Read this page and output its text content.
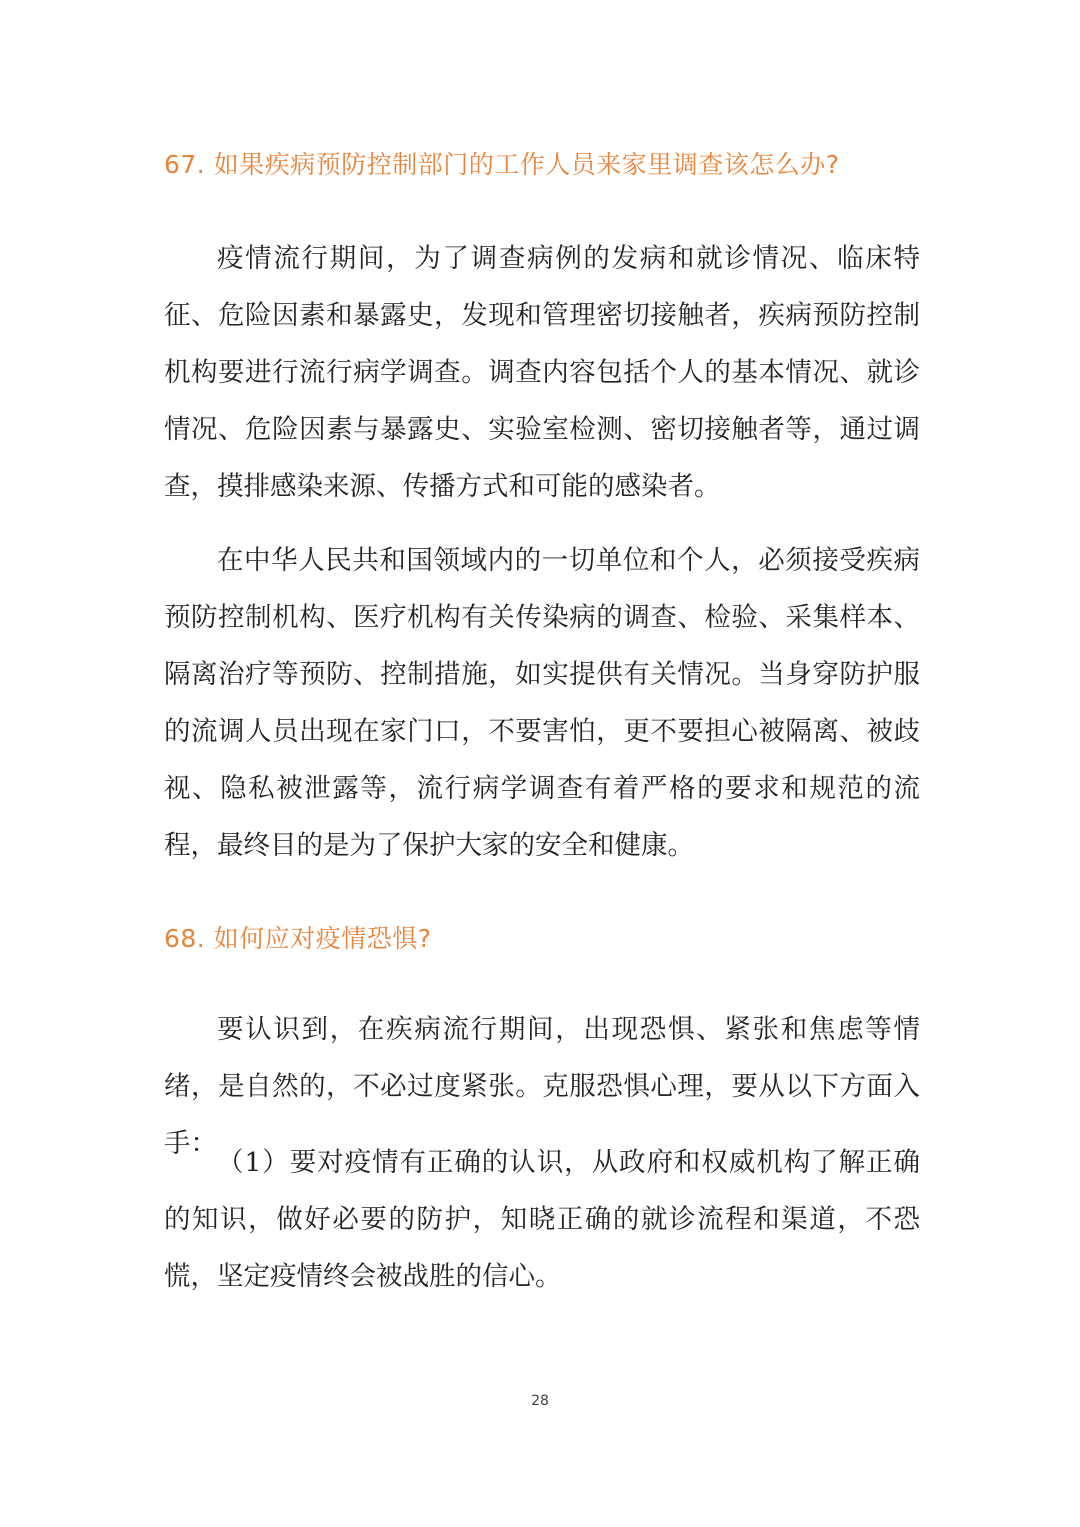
67. 如果疾病预防控制部门的工作人员来家里调查该怎么办?

疫情流行期间，为了调查病例的发病和就诊情况、临床特征、危险因素和暴露史，发现和管理密切接触者，疾病预防控制机构要进行流行病学调查。调查内容包括个人的基本情况、就诊情况、危险因素与暴露史、实验室检测、密切接触者等，通过调查，摸排感染来源、传播方式和可能的感染者。

在中华人民共和国领域内的一切单位和个人，必须接受疾病预防控制机构、医疗机构有关传染病的调查、检验、采集样本、隔离治疗等预防、控制措施，如实提供有关情况。当身穿防护服的流调人员出现在家门口，不要害怕，更不要担心被隔离、被歧视、隐私被泄露等，流行病学调查有着严格的要求和规范的流程，最终目的是为了保护大家的安全和健康。

68. 如何应对疫情恐惧?

要认识到，在疾病流行期间，出现恐惧、紧张和焦虑等情绪，是自然的，不必过度紧张。克服恐惧心理，要从以下方面入手：

（1）要对疫情有正确的认识，从政府和权威机构了解正确的知识，做好必要的防护，知晓正确的就诊流程和渠道，不恐慌，坚定疫情终会被战胜的信心。

28
